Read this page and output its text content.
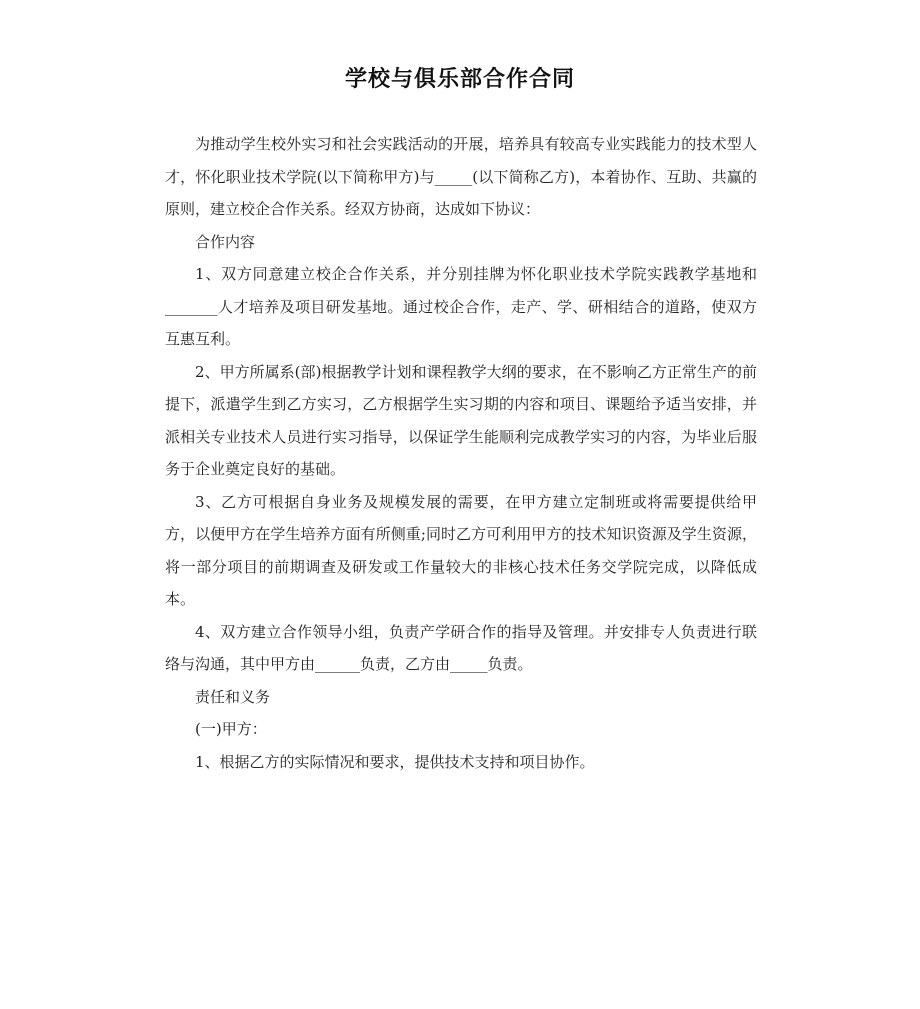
学校与俱乐部合作合同

为推动学生校外实习和社会实践活动的开展，培养具有较高专业实践能力的技术型人才，怀化职业技术学院(以下简称甲方)与_____(以下简称乙方)，本着协作、互助、共赢的原则，建立校企合作关系。经双方协商，达成如下协议：

合作内容

1、双方同意建立校企合作关系，并分别挂牌为怀化职业技术学院实践教学基地和_______人才培养及项目研发基地。通过校企合作，走产、学、研相结合的道路，使双方互惠互利。

2、甲方所属系(部)根据教学计划和课程教学大纲的要求，在不影响乙方正常生产的前提下，派遣学生到乙方实习，乙方根据学生实习期的内容和项目、课题给予适当安排，并派相关专业技术人员进行实习指导，以保证学生能顺利完成教学实习的内容，为毕业后服务于企业奠定良好的基础。

3、乙方可根据自身业务及规模发展的需要，在甲方建立定制班或将需要提供给甲方，以便甲方在学生培养方面有所侧重;同时乙方可利用甲方的技术知识资源及学生资源，将一部分项目的前期调查及研发或工作量较大的非核心技术任务交学院完成，以降低成本。

4、双方建立合作领导小组，负责产学研合作的指导及管理。并安排专人负责进行联络与沟通，其中甲方由______负责，乙方由_____负责。

责任和义务

(一)甲方：

1、根据乙方的实际情况和要求，提供技术支持和项目协作。
